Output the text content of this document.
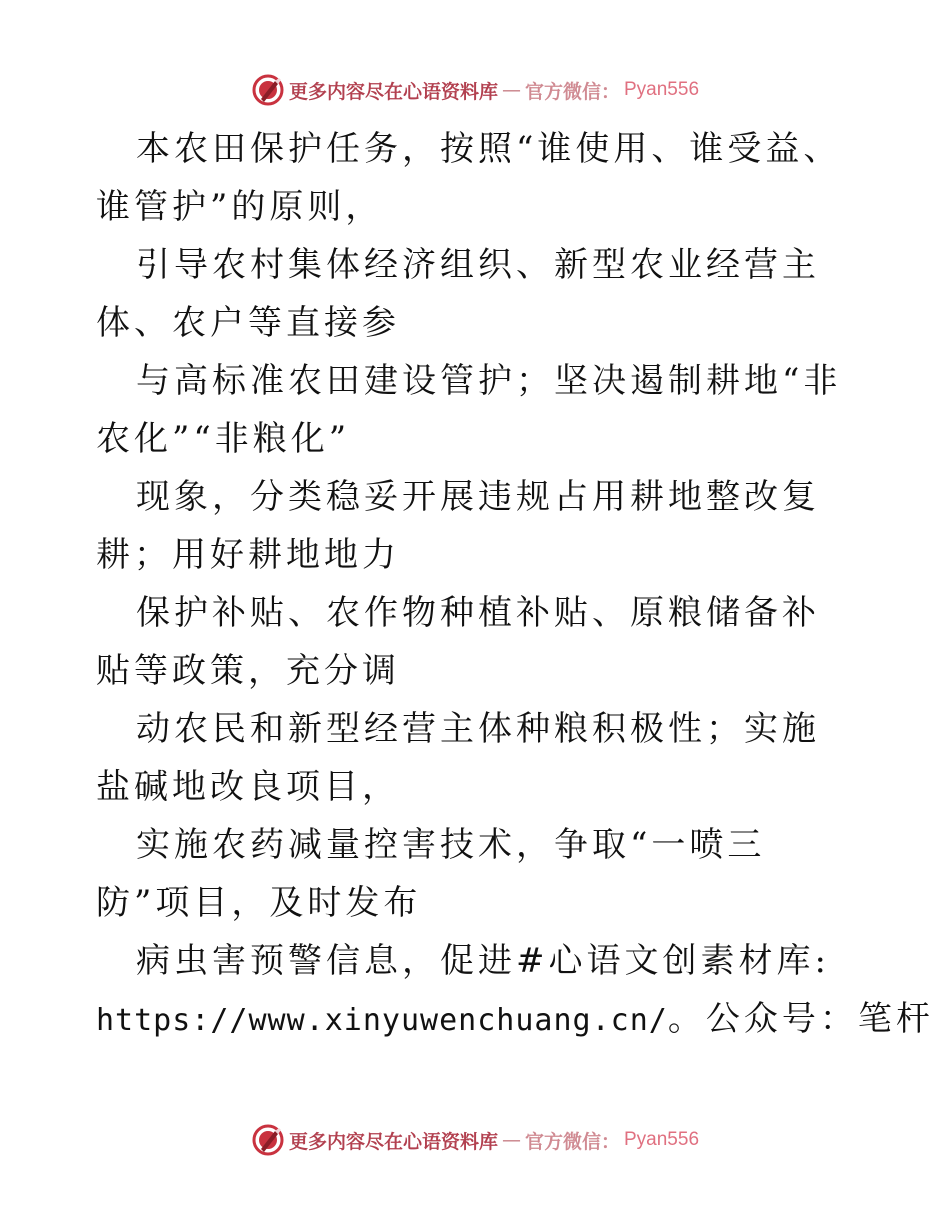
更多内容尽在心语资料库 — 官方微信： Pyan556

本农田保护任务，按照“谁使用、谁受益、谁管护”的原则，

引导农村集体经济组织、新型农业经营主体、农户等直接参

与高标准农田建设管护；坚决遏制耕地“非农化”“非粮化”

现象，分类稳妥开展违规占用耕地整改复耕；用好耕地地力

保护补贴、农作物种植补贴、原粮储备补贴等政策，充分调

动农民和新型经营主体种粮积极性；实施盐碱地改良项目，

实施农药减量控害技术，争取“一喷三防”项目，及时发布

病虫害预警信息，促进#心语文创素材库:

https://www.xinyuwenchuang.cn/。公众号：笔杆

更多内容尽在心语资料库 — 官方微信： Pyan556
